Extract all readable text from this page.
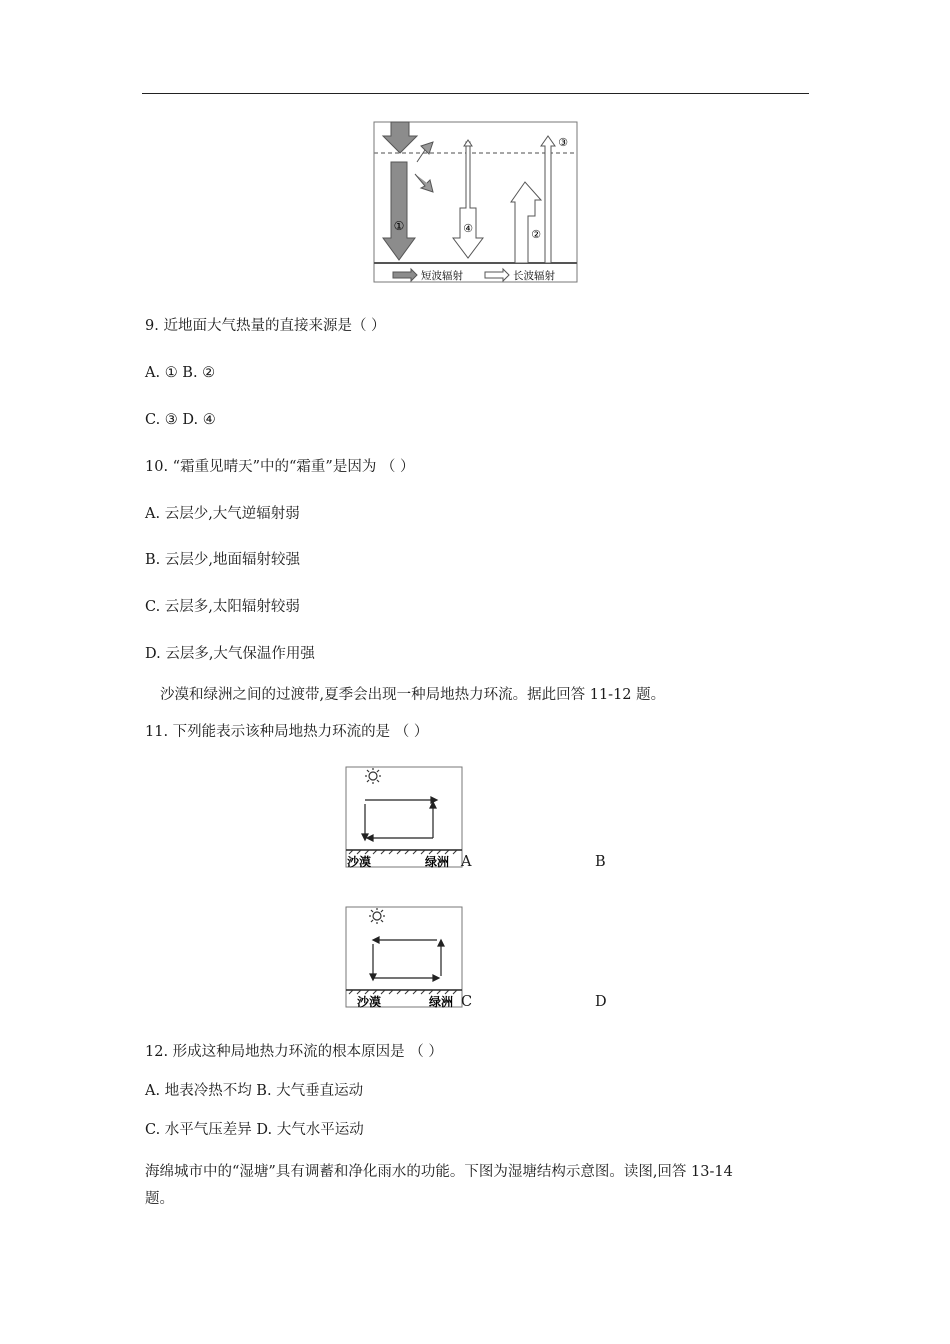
①	④	②
③
短波辐射	长波辐射
9. 近地面大气热量的直接来源是（ ）
A. ① B. ②
C. ③ D. ④
10. “霜重见晴天”中的“霜重”是因为 （ ）
A. 云层少,大气逆辐射弱
B. 云层少,地面辐射较强
C. 云层多,太阳辐射较弱
D. 云层多,大气保温作用强
沙漠和绿洲之间的过渡带,夏季会出现一种局地热力环流。据此回答 11-12 题。
11. 下列能表示该种局地热力环流的是 （ ）
沙漠	绿洲 A	B
沙漠	绿洲 C	D
12. 形成这种局地热力环流的根本原因是 （ ）
A. 地表冷热不均 B. 大气垂直运动
C. 水平气压差异 D. 大气水平运动
海绵城市中的“湿塘”具有调蓄和净化雨水的功能。下图为湿塘结构示意图。读图,回答 13-14
题。
